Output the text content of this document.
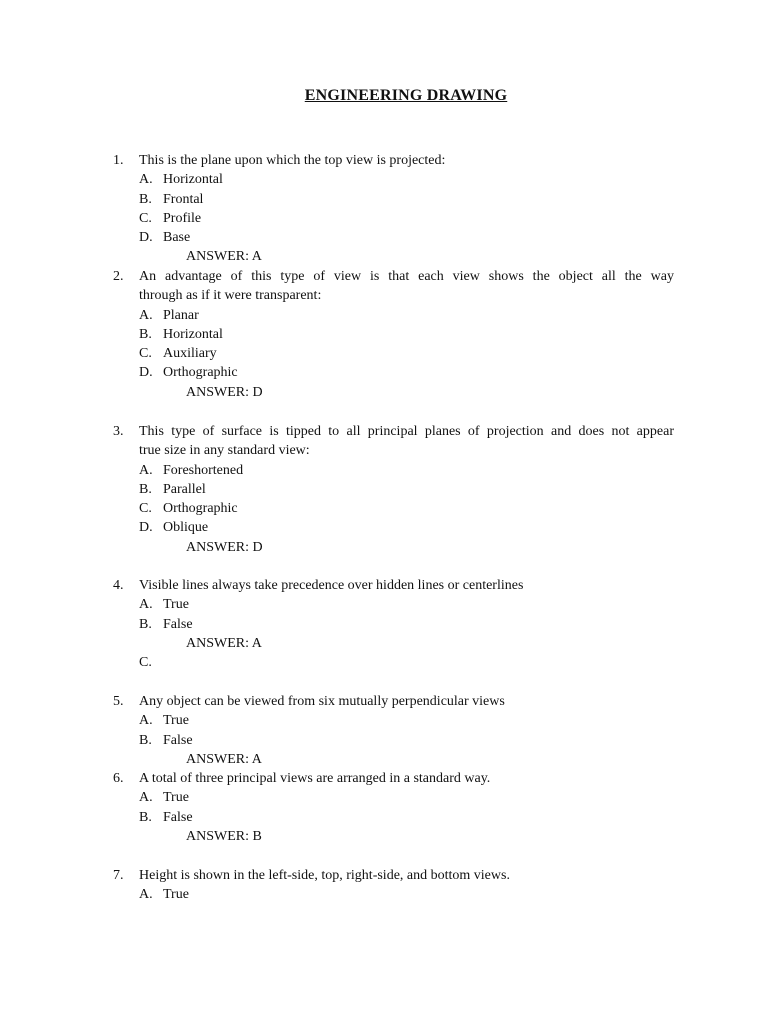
ENGINEERING DRAWING
1. This is the plane upon which the top view is projected:
A. Horizontal
B. Frontal
C. Profile
D. Base
ANSWER: A
2. An advantage of this type of view is that each view shows the object all the way
through as if it were transparent:
A. Planar
B. Horizontal
C. Auxiliary
D. Orthographic
ANSWER: D
3. This type of surface is tipped to all principal planes of projection and does not appear
true size in any standard view:
A. Foreshortened
B. Parallel
C. Orthographic
D. Oblique
ANSWER: D
4. Visible lines always take precedence over hidden lines or centerlines
A. True
B. False
ANSWER: A
C.
5. Any object can be viewed from six mutually perpendicular views
A. True
B. False
ANSWER: A
6. A total of three principal views are arranged in a standard way.
A. True
B. False
ANSWER: B
7. Height is shown in the left-side, top, right-side, and bottom views.
A. True
